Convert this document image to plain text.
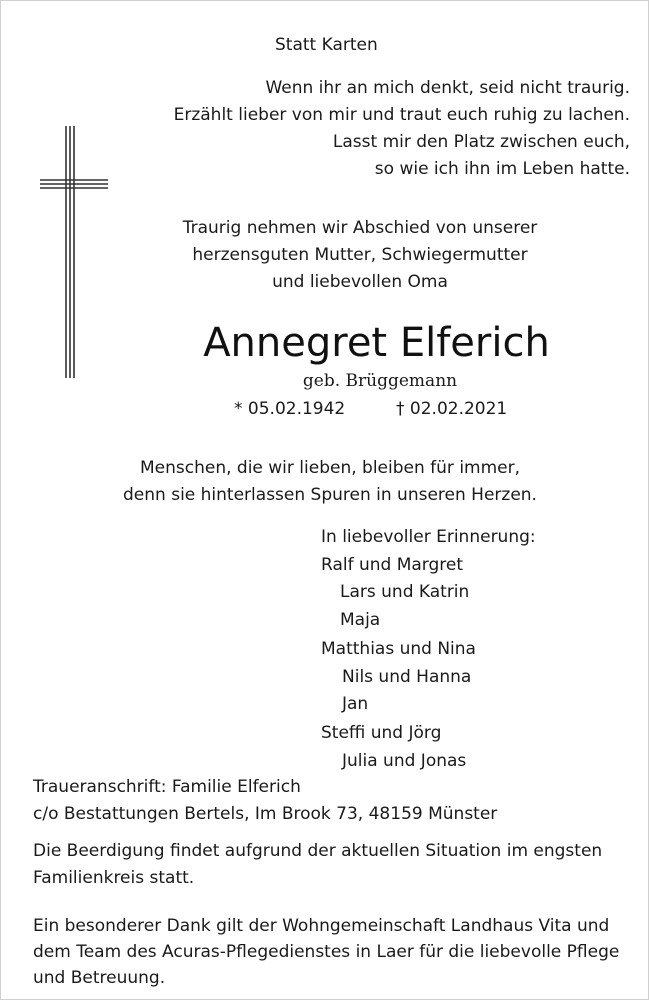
Statt Karten
Wenn ihr an mich denkt, seid nicht traurig.
Erzählt lieber von mir und traut euch ruhig zu lachen.
Lasst mir den Platz zwischen euch,
so wie ich ihn im Leben hatte.
Traurig nehmen wir Abschied von unserer
herzensguten Mutter, Schwiegermutter
und liebevollen Oma
Annegret Elferich
geb. Brüggemann
* 05.02.1942	† 02.02.2021
Menschen, die wir lieben, bleiben für immer,
denn sie hinterlassen Spuren in unseren Herzen.
In liebevoller Erinnerung:
Ralf und Margret
Lars und Katrin
Maja
Matthias und Nina
Nils und Hanna
Jan
Steffi und Jörg
Julia und Jonas
Traueranschrift: Familie Elferich
c/o Bestattungen Bertels, Im Brook 73, 48159 Münster
Die Beerdigung findet aufgrund der aktuellen Situation im engsten
Familienkreis statt.
Ein besonderer Dank gilt der Wohngemeinschaft Landhaus Vita und
dem Team des Acuras-Pflegedienstes in Laer für die liebevolle Pflege
und Betreuung.
